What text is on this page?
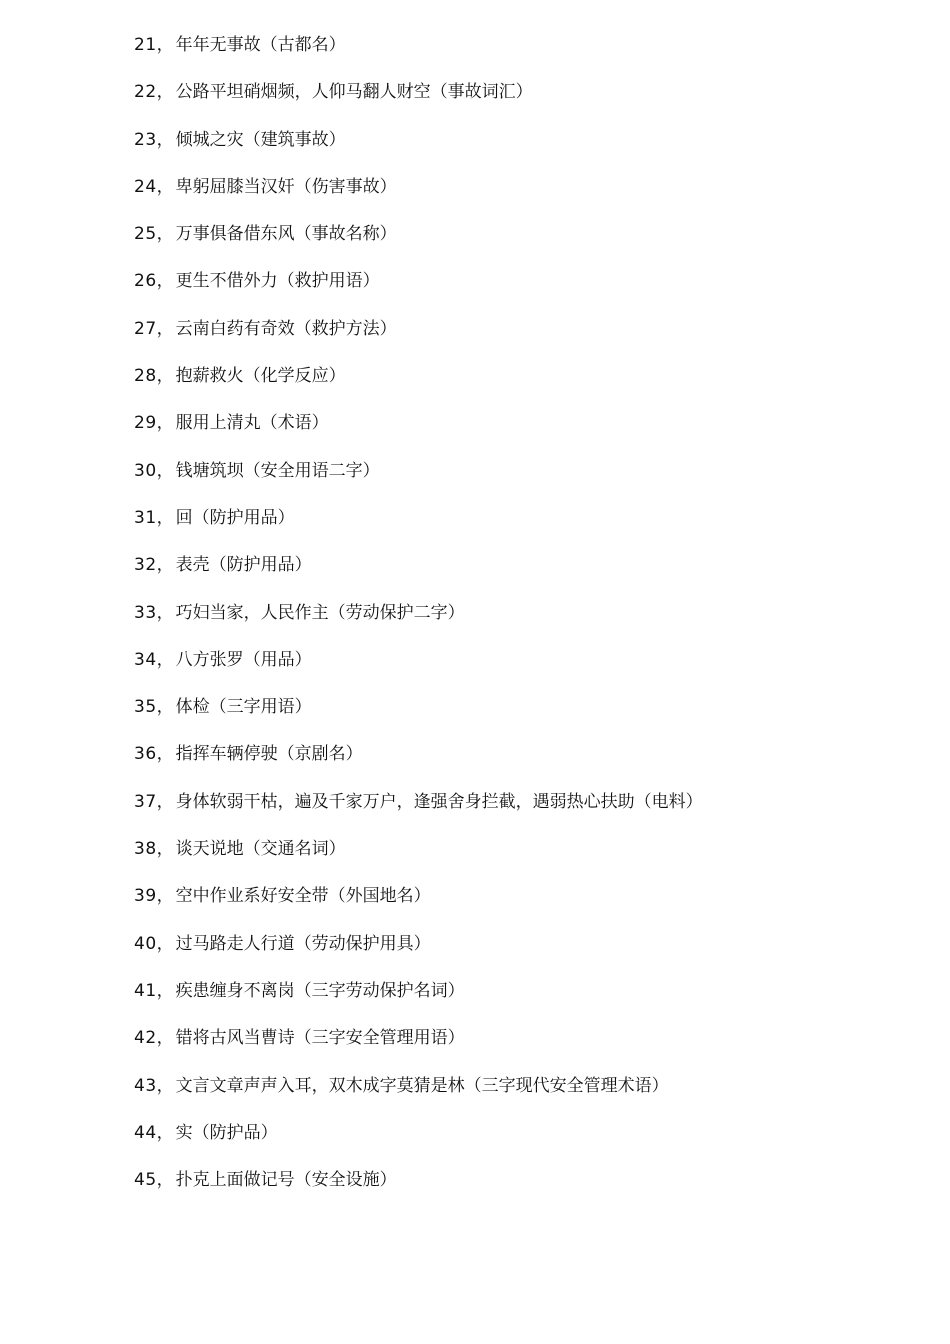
21 ， 年年无事故（古都名）
22 ， 公路平坦硝烟频，人仰马翻人财空（事故词汇）
23 ， 倾城之灾（建筑事故）
24 ， 卑躬屈膝当汉奸（伤害事故）
25 ， 万事俱备借东风（事故名称）
26 ， 更生不借外力（救护用语）
27 ， 云南白药有奇效（救护方法）
28 ， 抱薪救火（化学反应）
29 ， 服用上清丸（术语）
30 ， 钱塘筑坝（安全用语二字）
31 ， 回（防护用品）
32 ， 表壳（防护用品）
33 ， 巧妇当家，人民作主（劳动保护二字）
34 ， 八方张罗（用品）
35 ， 体检（三字用语）
36 ， 指挥车辆停驶（京剧名）
37 ， 身体软弱干枯，遍及千家万户，逢强舍身拦截，遇弱热心扶助（电料）
38 ， 谈天说地（交通名词）
39 ， 空中作业系好安全带（外国地名）
40 ， 过马路走人行道（劳动保护用具）
41 ， 疾患缠身不离岗（三字劳动保护名词）
42 ， 错将古风当曹诗（三字安全管理用语）
43 ， 文言文章声声入耳，双木成字莫猜是林（三字现代安全管理术语）
44 ， 实（防护品）
45 ， 扑克上面做记号（安全设施）
